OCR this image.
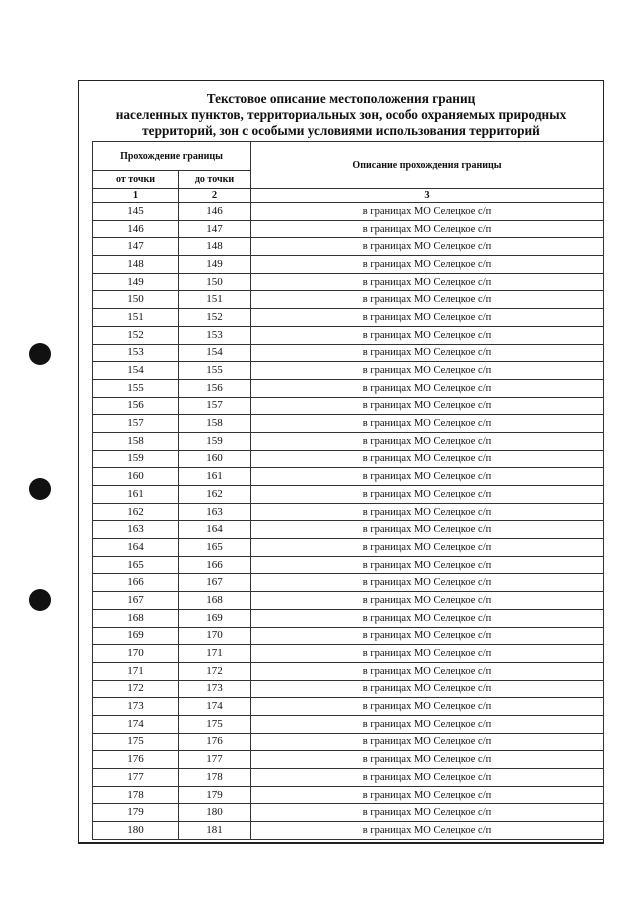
Текстовое описание местоположения границ
населенных пунктов, территориальных зон, особо охраняемых природных
территорий, зон с особыми условиями использования территорий
Прохождение границы		Описание прохождения границы
от точки	до точки	
1	2	3
145	146	в границах МО Селецкое с/п
146	147	в границах МО Селецкое с/п
147	148	в границах МО Селецкое с/п
148	149	в границах МО Селецкое с/п
149	150	в границах МО Селецкое с/п
150	151	в границах МО Селецкое с/п
151	152	в границах МО Селецкое с/п
152	153	в границах МО Селецкое с/п
153	154	в границах МО Селецкое с/п
154	155	в границах МО Селецкое с/п
155	156	в границах МО Селецкое с/п
156	157	в границах МО Селецкое с/п
157	158	в границах МО Селецкое с/п
158	159	в границах МО Селецкое с/п
159	160	в границах МО Селецкое с/п
160	161	в границах МО Селецкое с/п
161	162	в границах МО Селецкое с/п
162	163	в границах МО Селецкое с/п
163	164	в границах МО Селецкое с/п
164	165	в границах МО Селецкое с/п
165	166	в границах МО Селецкое с/п
166	167	в границах МО Селецкое с/п
167	168	в границах МО Селецкое с/п
168	169	в границах МО Селецкое с/п
169	170	в границах МО Селецкое с/п
170	171	в границах МО Селецкое с/п
171	172	в границах МО Селецкое с/п
172	173	в границах МО Селецкое с/п
173	174	в границах МО Селецкое с/п
174	175	в границах МО Селецкое с/п
175	176	в границах МО Селецкое с/п
176	177	в границах МО Селецкое с/п
177	178	в границах МО Селецкое с/п
178	179	в границах МО Селецкое с/п
179	180	в границах МО Селецкое с/п
180	181	в границах МО Селецкое с/п
